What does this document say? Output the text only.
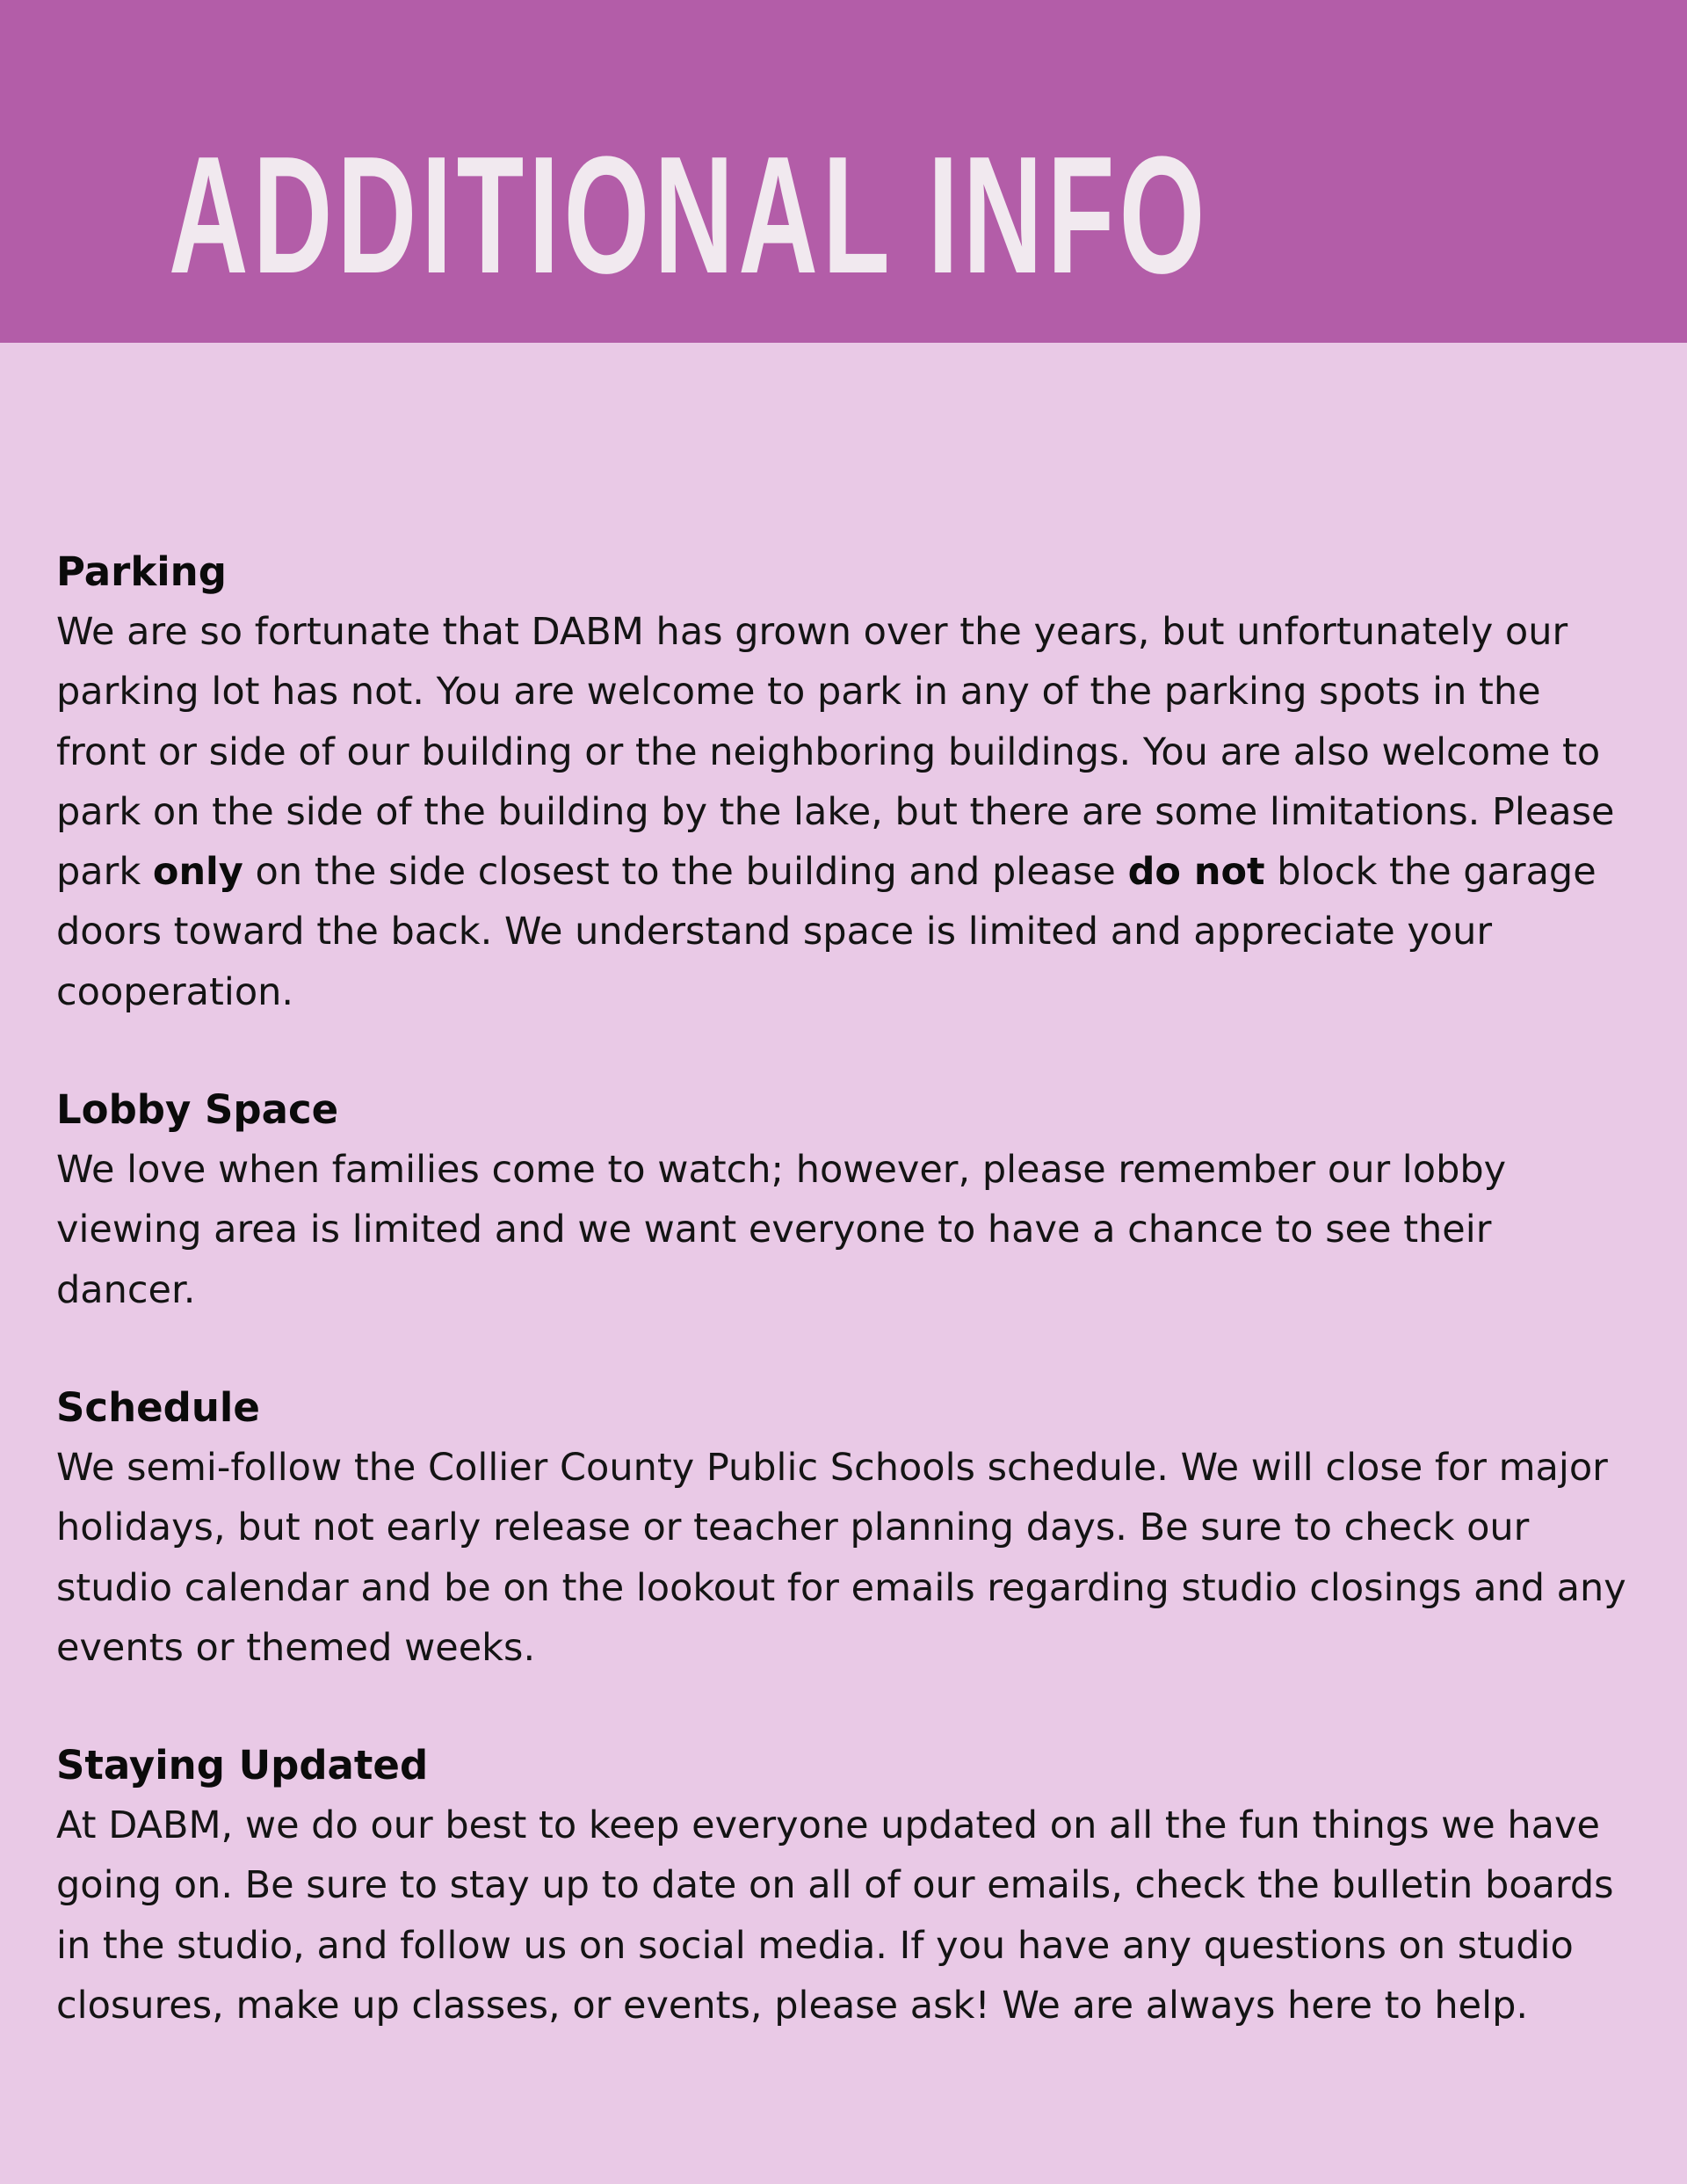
ADDITIONAL INFO
Parking

We are so fortunate that DABM has grown over the years, but unfortunately our parking lot has not. You are welcome to park in any of the parking spots in the front or side of our building or the neighboring buildings. You are also welcome to park on the side of the building by the lake, but there are some limitations. Please park only on the side closest to the building and please do not block the garage doors toward the back. We understand space is limited and appreciate your cooperation.

Lobby Space

We love when families come to watch; however, please remember our lobby viewing area is limited and we want everyone to have a chance to see their dancer.

Schedule

We semi-follow the Collier County Public Schools schedule. We will close for major holidays, but not early release or teacher planning days. Be sure to check our studio calendar and be on the lookout for emails regarding studio closings and any events or themed weeks.

Staying Updated

At DABM, we do our best to keep everyone updated on all the fun things we have going on. Be sure to stay up to date on all of our emails, check the bulletin boards in the studio, and follow us on social media. If you have any questions on studio closures, make up classes, or events, please ask! We are always here to help.
